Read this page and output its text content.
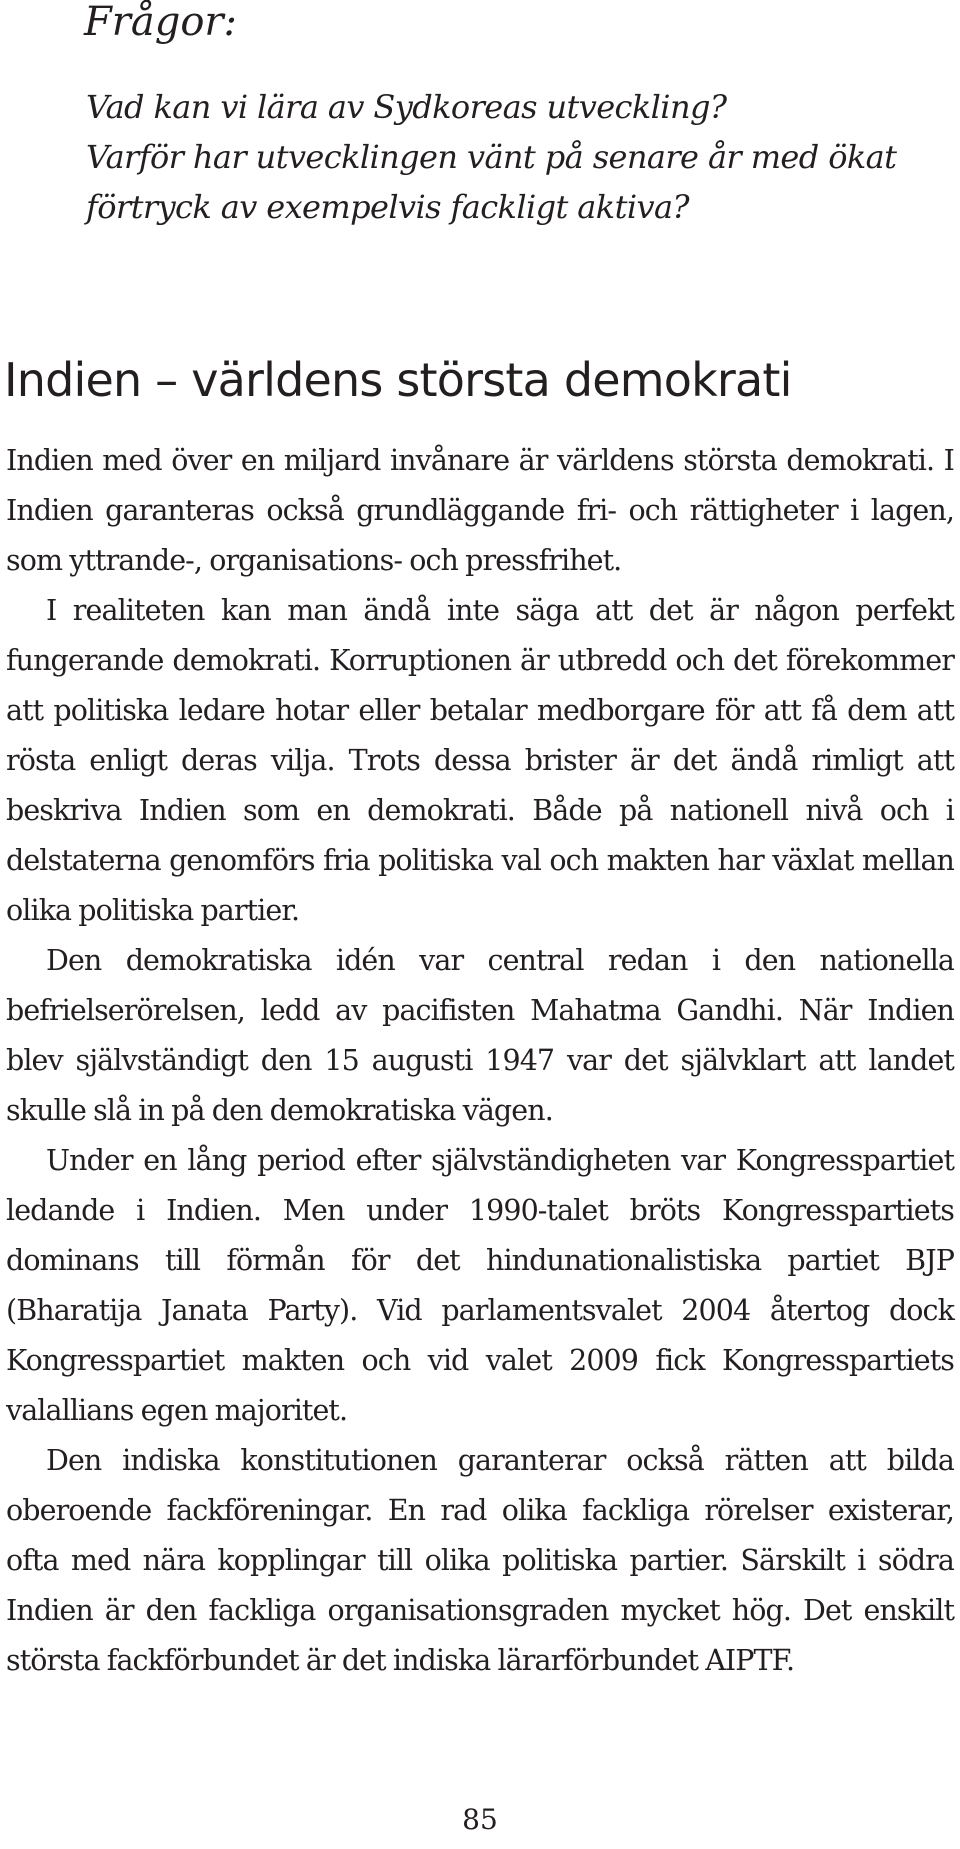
Frågor:
Vad kan vi lära av Sydkoreas utveckling?
Varför har utvecklingen vänt på senare år med ökat
förtryck av exempelvis fackligt aktiva?
Indien – världens största demokrati

Indien med över en miljard invånare är världens största demokrati. I Indien garanteras också grundläggande fri- och rättigheter i lagen, som yttrande-, organisations- och pressfrihet.

I realiteten kan man ändå inte säga att det är någon perfekt fungerande demokrati. Korruptionen är utbredd och det förekommer att politiska ledare hotar eller betalar medborgare för att få dem att rösta enligt deras vilja. Trots dessa brister är det ändå rimligt att beskriva Indien som en demokrati. Både på nationell nivå och i delstaterna genomförs fria politiska val och makten har växlat mellan olika politiska partier.

Den demokratiska idén var central redan i den nationella befrielserörelsen, ledd av pacifisten Mahatma Gandhi. När Indien blev självständigt den 15 augusti 1947 var det självklart att landet skulle slå in på den demokratiska vägen.

Under en lång period efter självständigheten var Kongresspartiet ledande i Indien. Men under 1990-talet bröts Kongresspartiets dominans till förmån för det hindunationalistiska partiet BJP (Bharatija Janata Party). Vid parlamentsvalet 2004 återtog dock Kongresspartiet makten och vid valet 2009 fick Kongresspartiets valallians egen majoritet.

Den indiska konstitutionen garanterar också rätten att bilda oberoende fackföreningar. En rad olika fackliga rörelser existerar, ofta med nära kopplingar till olika politiska partier. Särskilt i södra Indien är den fackliga organisationsgraden mycket hög. Det enskilt största fackförbundet är det indiska lärarförbundet AIPTF.

85
